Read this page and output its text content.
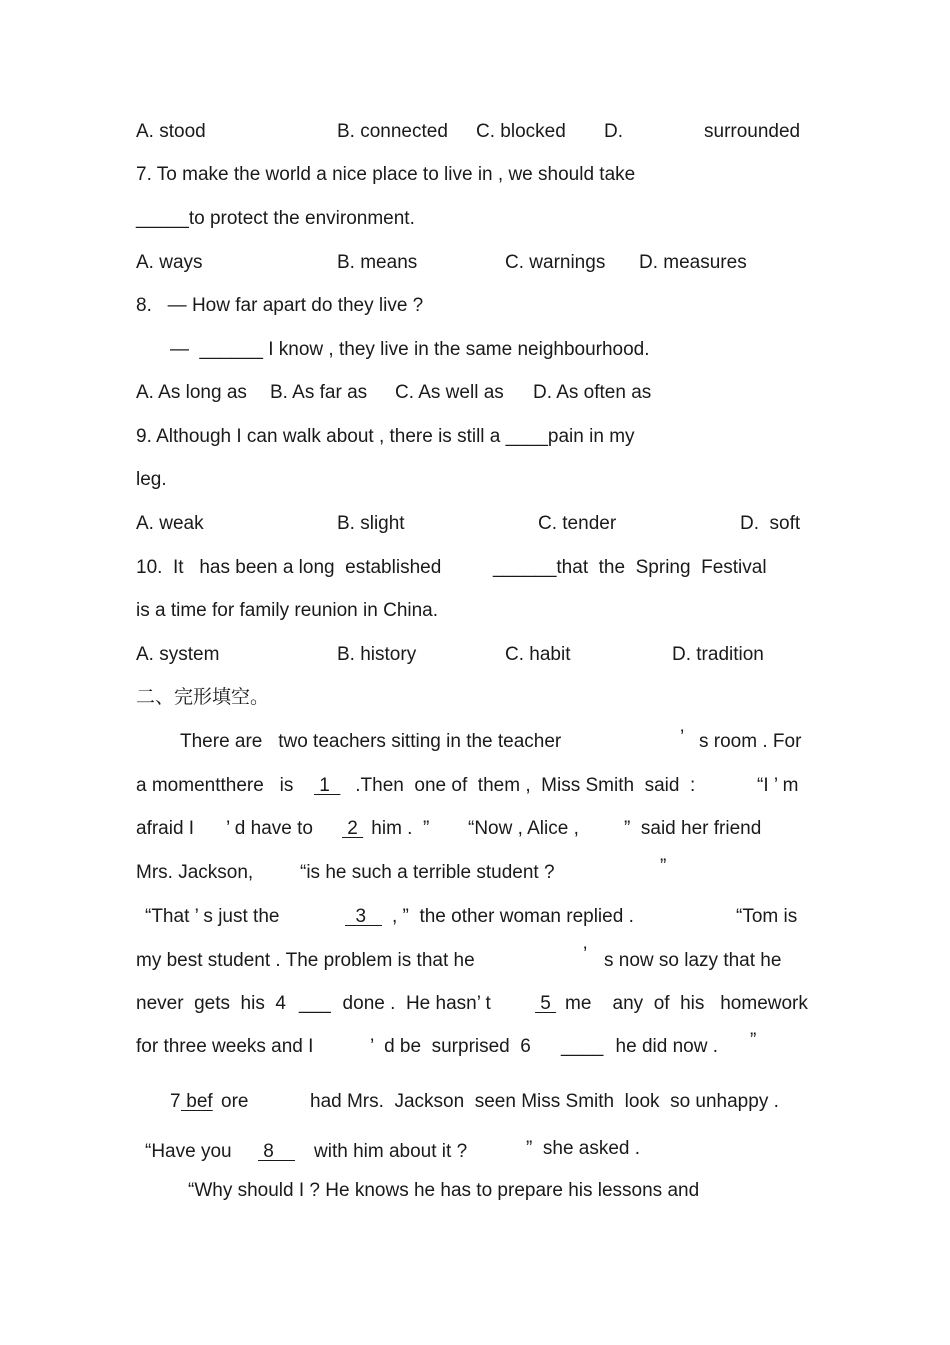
A. stood	B. connected C. blocked D.	surrounded
7. To make the world a nice place to live in , we should take
_____to protect the environment.
A. ways	B. means	C. warnings D. measures
8.   — How far apart do they live ?
—  ______ I know , they live in the same neighbourhood.
A. As long as B. As far as C. As well as D. As often as
9. Although I can walk about , there is still a ____pain in my
leg.
A. weak	B. slight	C. tender	D.  soft
10.  It   has been a long  established	______that  the  Spring  Festival
is a time for family reunion in China.
A. system	B. history	C. habit	D. tradition
二、完形填空。
There are   two teachers sitting in the teacher	’ s room . For
a momentthere   is 1 .Then  one of  them ,  Miss Smith  said  :	“I ’ m
afraid I ’ d have to 2 him .  ” “Now , Alice , ”  said her friend
Mrs. Jackson, “is he such a terrible student ?	”
“That ’ s just the	3 , ”  the other woman replied .	“Tom is
my best student . The problem is that he	’ s now so lazy that he
never  gets  his  4 ___ done .  He hasn’ t 5 me    any  of  his   homework
for three weeks and I	’  d be  surprised  6 ____ he did now . ”
7 bef ore	had Mrs.  Jackson  seen Miss Smith  look  so unhappy .
“Have you 8 with him about it ?	”  she asked .
“Why should I ? He knows he has to prepare his lessons and
